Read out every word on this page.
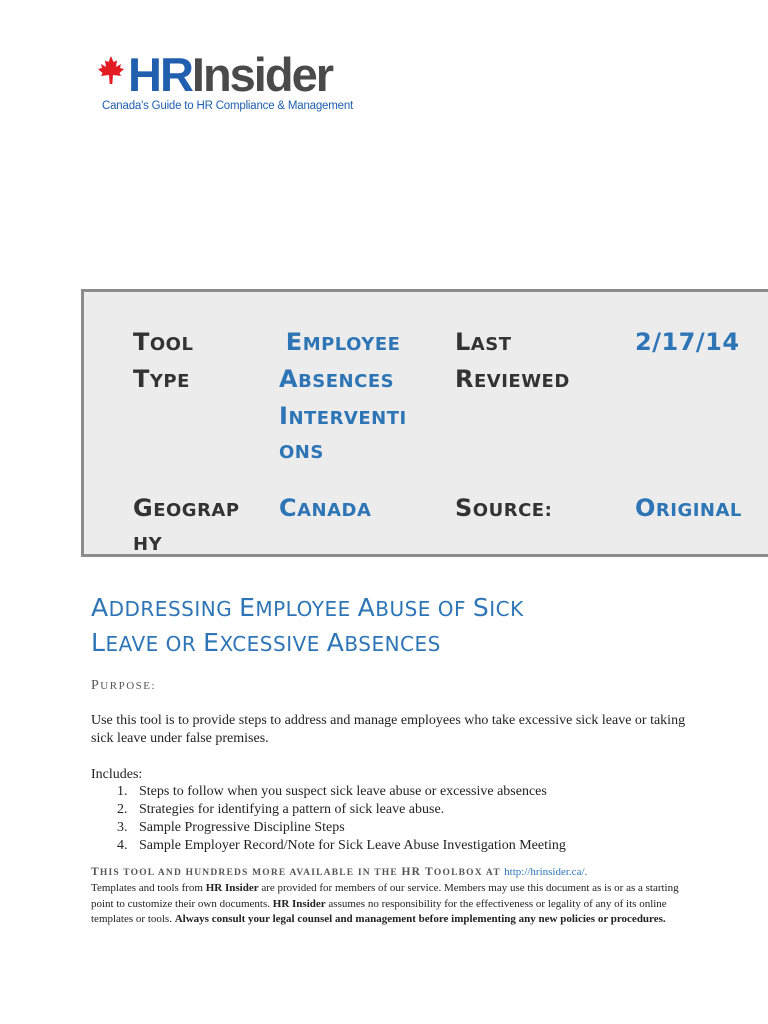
HRInsider
Canada's Guide to HR Compliance & Management
TOOL
TYPE
EMPLOYEE
ABSENCES
INTERVENTI
ONS
LAST
REVIEWED
2/17/14
GEOGRAP
HY
CANADA	SOURCE:	ORIGINAL
ADDRESSING EMPLOYEE ABUSE OF SICK
LEAVE OR EXCESSIVE ABSENCES
PURPOSE:
Use this tool is to provide steps to address and manage employees who take excessive sick leave or taking sick leave under false premises.
Includes:
1. Steps to follow when you suspect sick leave abuse or excessive absences
2. Strategies for identifying a pattern of sick leave abuse.
3. Sample Progressive Discipline Steps
4. Sample Employer Record/Note for Sick Leave Abuse Investigation Meeting
THIS TOOL AND HUNDREDS MORE AVAILABLE IN THE HR TOOLBOX AT http://hrinsider.ca/.
Templates and tools from HR Insider are provided for members of our service. Members may use this document as is or as a starting point to customize their own documents. HR Insider assumes no responsibility for the effectiveness or legality of any of its online templates or tools. Always consult your legal counsel and management before implementing any new policies or procedures.
